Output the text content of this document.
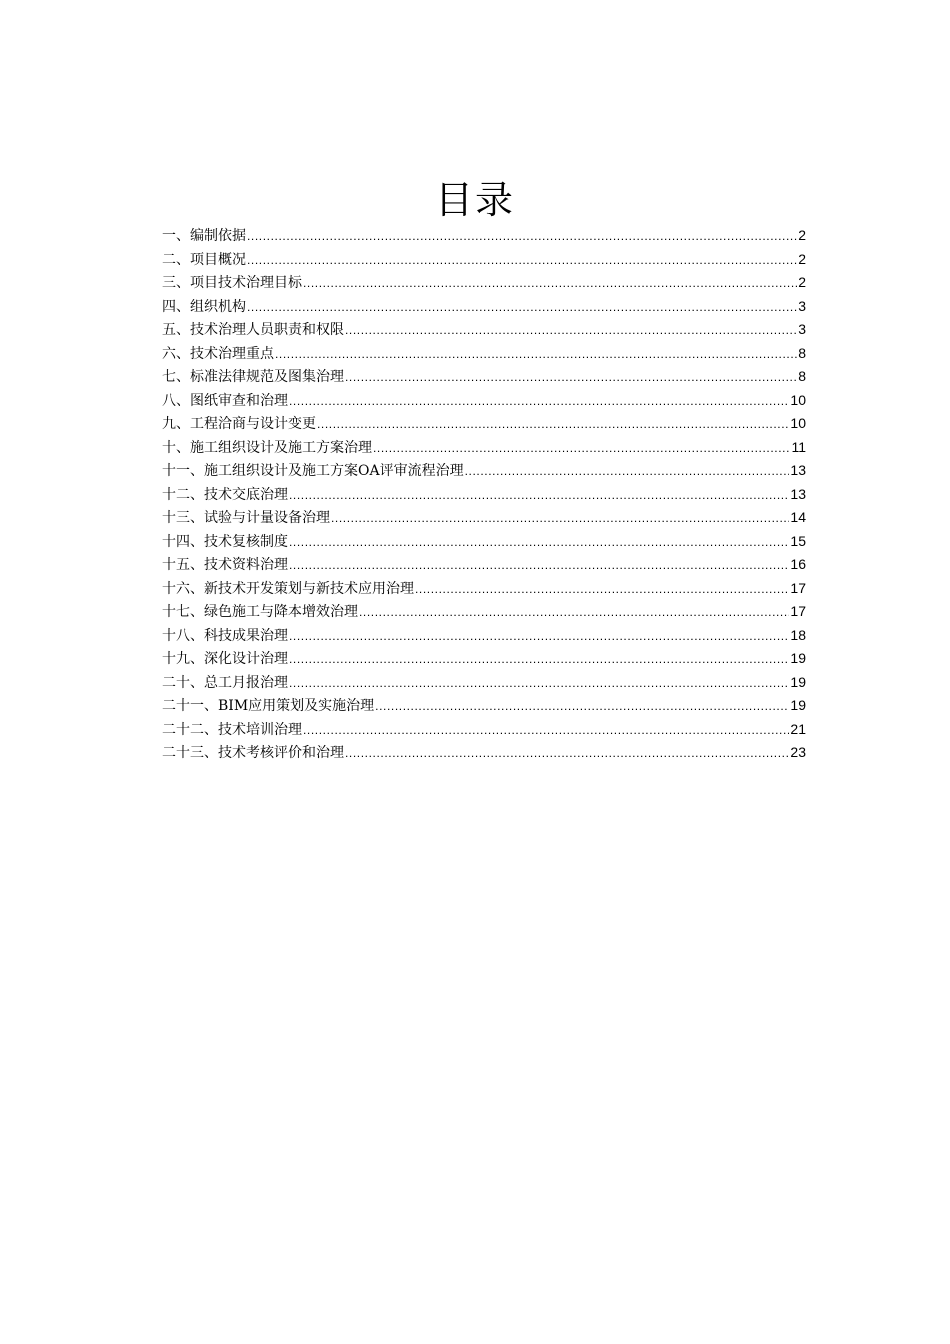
目录
一、编制依据 .....	2
二、项目概况 .....	2
三、项目技术治理目标 .....	2
四、组织机构 .....	3
五、技术治理人员职责和权限 .....	3
六、技术治理重点 .....	8
七、标准法律规范及图集治理 .....	8
八、图纸审查和治理 .....	10
九、工程洽商与设计变更 .....	10
十、施工组织设计及施工方案治理 .....	11
十一、施工组织设计及施工方案OA评审流程治理 .....	13
十二、技术交底治理 .....	13
十三、试验与计量设备治理 .....	14
十四、技术复核制度 .....	15
十五、技术资料治理 .....	16
十六、新技术开发策划与新技术应用治理 .....	17
十七、绿色施工与降本增效治理 .....	17
十八、科技成果治理 .....	18
十九、深化设计治理 .....	19
二十、总工月报治理 .....	19
二十一、BIM应用策划及实施治理 .....	19
二十二、技术培训治理 .....	21
二十三、技术考核评价和治理 .....	23
